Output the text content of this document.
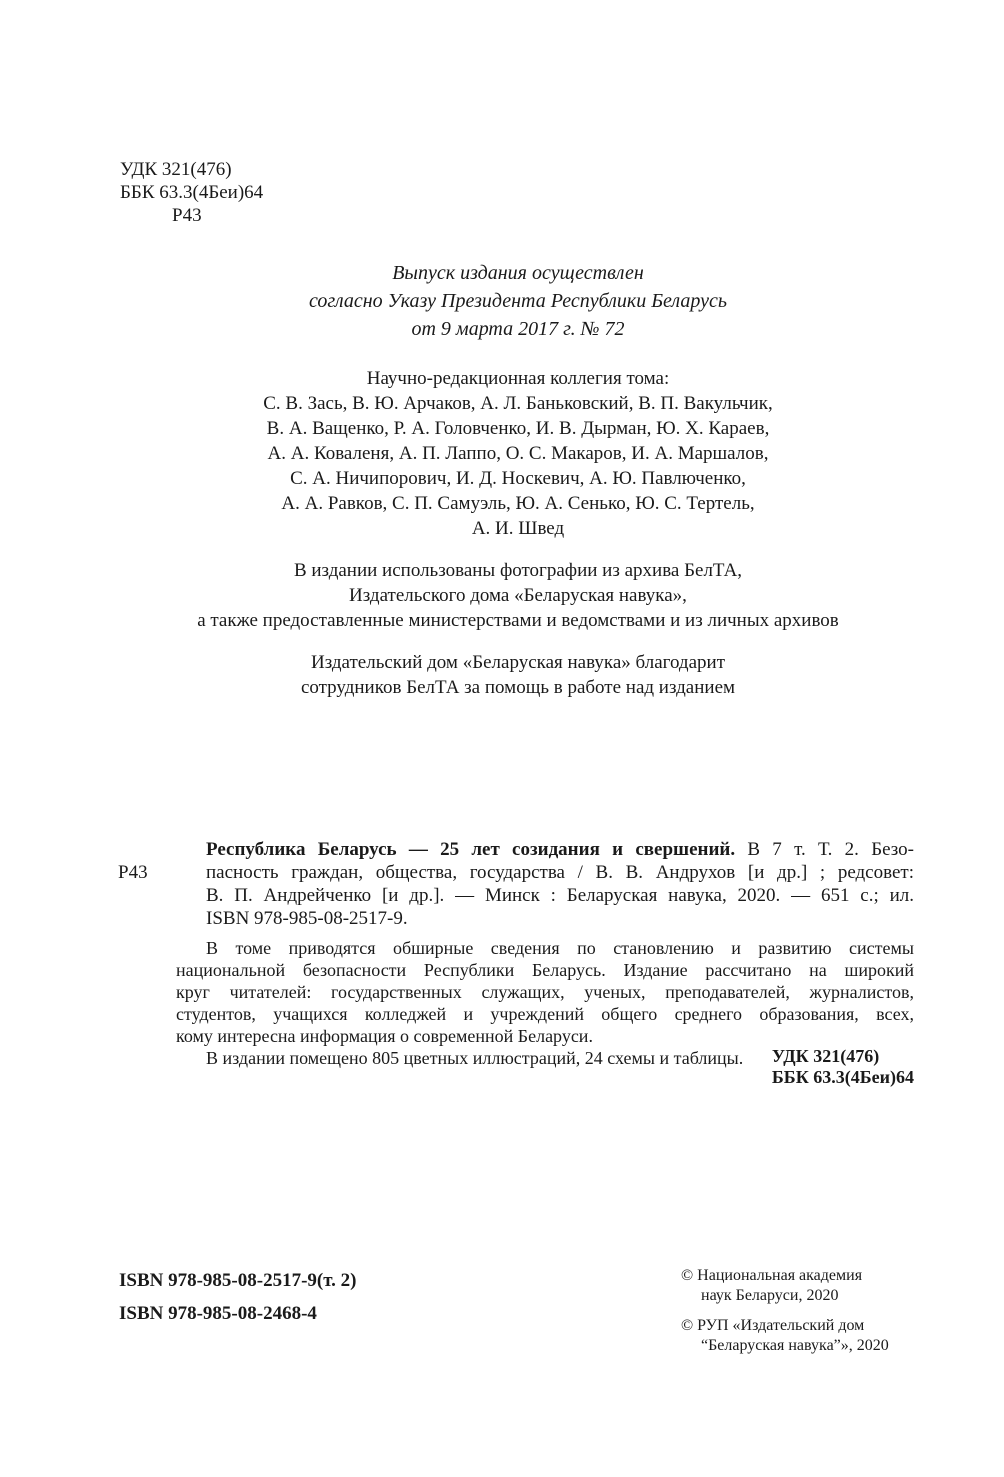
УДК 321(476)
ББК 63.3(4Беи)64
Р43
Выпуск издания осуществлен
согласно Указу Президента Республики Беларусь
от 9 марта 2017 г. № 72
Научно-редакционная коллегия тома:
С. В. Зась, В. Ю. Арчаков, А. Л. Баньковский, В. П. Вакульчик,
В. А. Ващенко, Р. А. Головченко, И. В. Дырман, Ю. Х. Караев,
А. А. Коваленя, А. П. Лаппо, О. С. Макаров, И. А. Маршалов,
С. А. Ничипорович, И. Д. Носкевич, А. Ю. Павлюченко,
А. А. Равков, С. П. Самуэль, Ю. А. Сенько, Ю. С. Тертель,
А. И. Швед
В издании использованы фотографии из архива БелТА,
Издательского дома «Беларуская навука»,
а также предоставленные министерствами и ведомствами и из личных архивов
Издательский дом «Беларуская навука» благодарит
сотрудников БелТА за помощь в работе над изданием
Р43
Республика Беларусь — 25 лет созидания и свершений. В 7 т. Т. 2. Безо-
пасность граждан, общества, государства / В. В. Андрухов [и др.] ; редсовет:
В. П. Андрейченко [и др.]. — Минск : Беларуская навука, 2020. — 651 с.; ил.
ISBN 978-985-08-2517-9.
В томе приводятся обширные сведения по становлению и развитию системы
национальной безопасности Республики Беларусь. Издание рассчитано на широкий
круг читателей: государственных служащих, ученых, преподавателей, журналистов,
студентов, учащихся колледжей и учреждений общего среднего образования, всех,
кому интересна информация о современной Беларуси.
В издании помещено 805 цветных иллюстраций, 24 схемы и таблицы.	УДК 321(476)
ББК 63.3(4Беи)64
ISBN 978-985-08-2517-9(т. 2)
ISBN 978-985-08-2468-4
© Национальная академия
наук Беларуси, 2020
© РУП «Издательский дом
“Беларуская навука”», 2020
